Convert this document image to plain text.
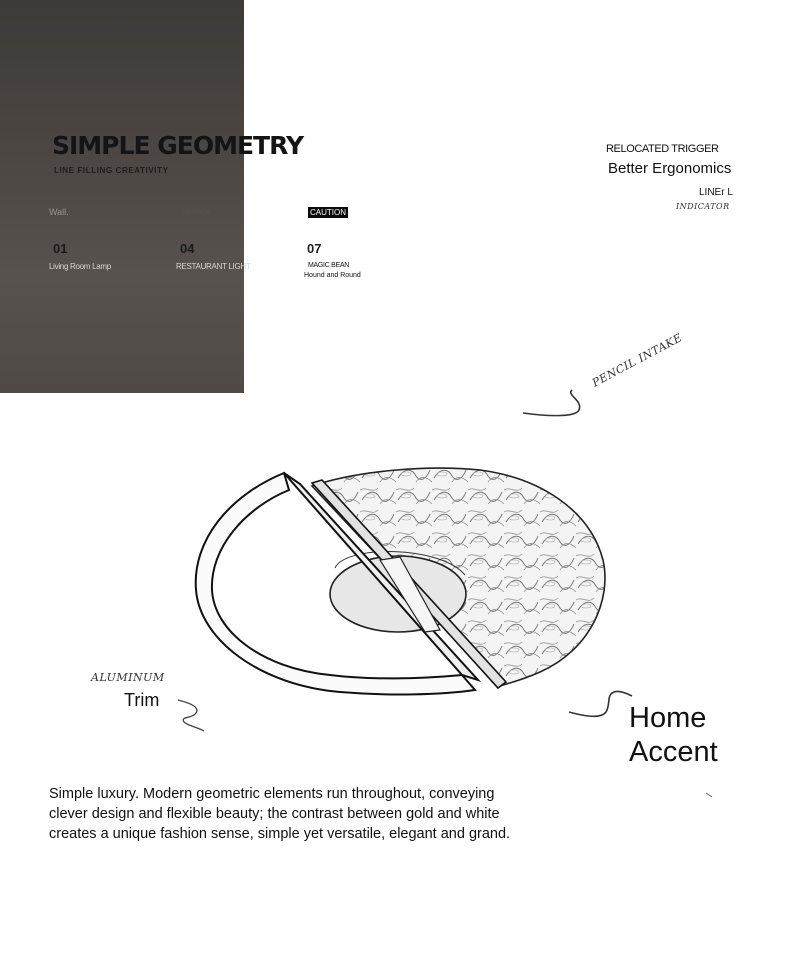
SIMPLE GEOMETRY
LINE FILLING CREATIVITY
Wall.	SEARCH	CAUTION
01	04	07
Living Room Lamp	RESTAURANT LIGHT	MAGIC BEAN
Hound and Round
RELOCATED TRIGGER
Better Ergonomics
LINEr L
INDICATOR
PENCIL INTAKE
ALUMINUM
Trim
Home
Accent
Simple luxury. Modern geometric elements run throughout, conveying clever design and flexible beauty; the contrast between gold and white creates a unique fashion sense, simple yet versatile, elegant and grand.
